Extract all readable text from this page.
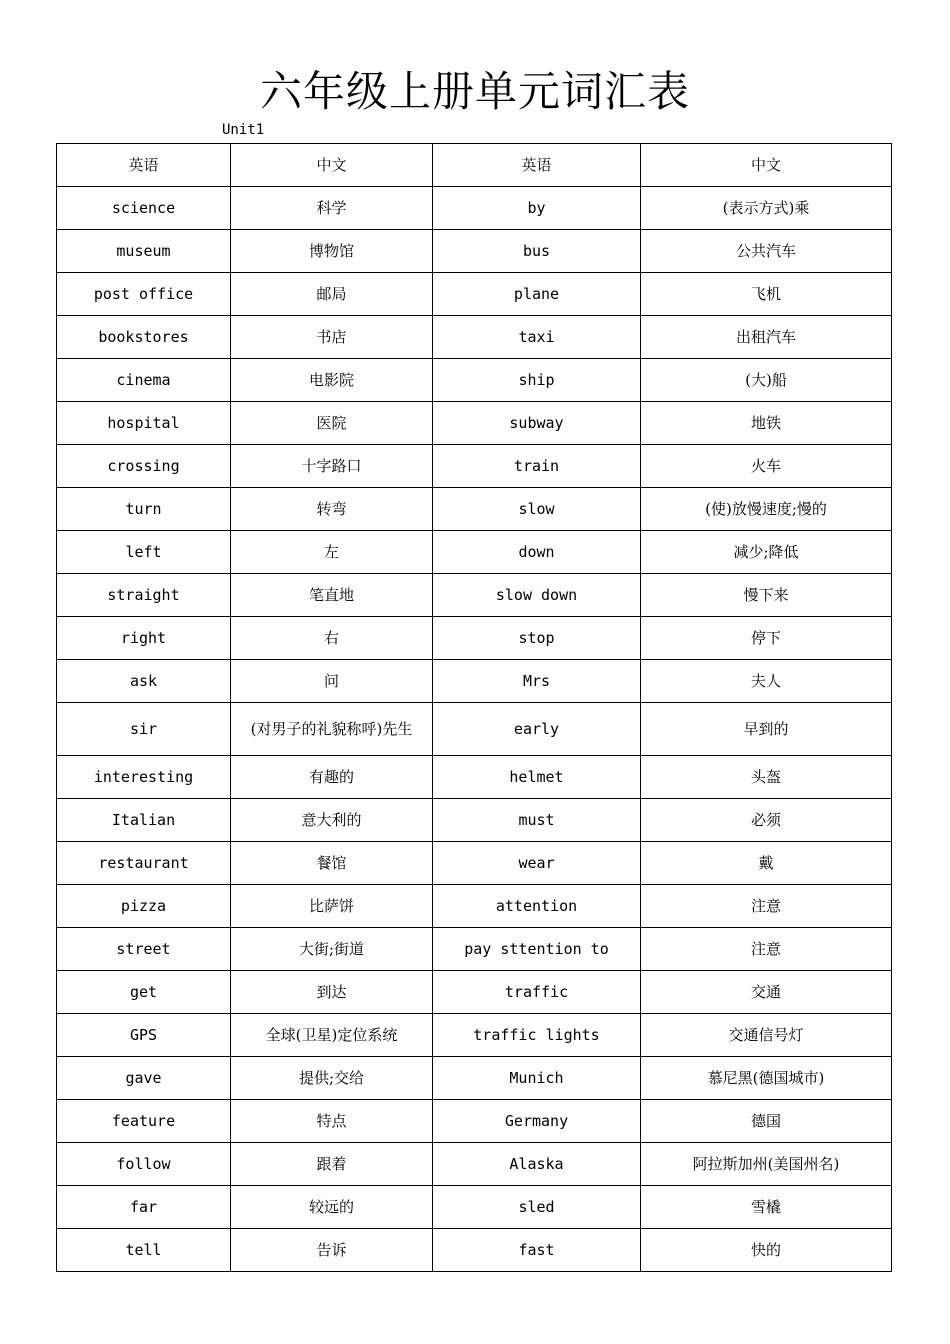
六年级上册单元词汇表
Unit1
英语	中文	英语	中文
science	科学	by	(表示方式)乘
museum	博物馆	bus	公共汽车
post office	邮局	plane	飞机
bookstores	书店	taxi	出租汽车
cinema	电影院	ship	(大)船
hospital	医院	subway	地铁
crossing	十字路口	train	火车
turn	转弯	slow	(使)放慢速度;慢的
left	左	down	减少;降低
straight	笔直地	slow down	慢下来
right	右	stop	停下
ask	问	Mrs	夫人
sir	(对男子的礼貌称呼)先生	early	早到的
interesting	有趣的	helmet	头盔
Italian	意大利的	must	必须
restaurant	餐馆	wear	戴
pizza	比萨饼	attention	注意
street	大街;街道	pay sttention to	注意
get	到达	traffic	交通
GPS	全球(卫星)定位系统	traffic lights	交通信号灯
gave	提供;交给	Munich	慕尼黑(德国城市)
feature	特点	Germany	德国
follow	跟着	Alaska	阿拉斯加州(美国州名)
far	较远的	sled	雪橇
tell	告诉	fast	快的
